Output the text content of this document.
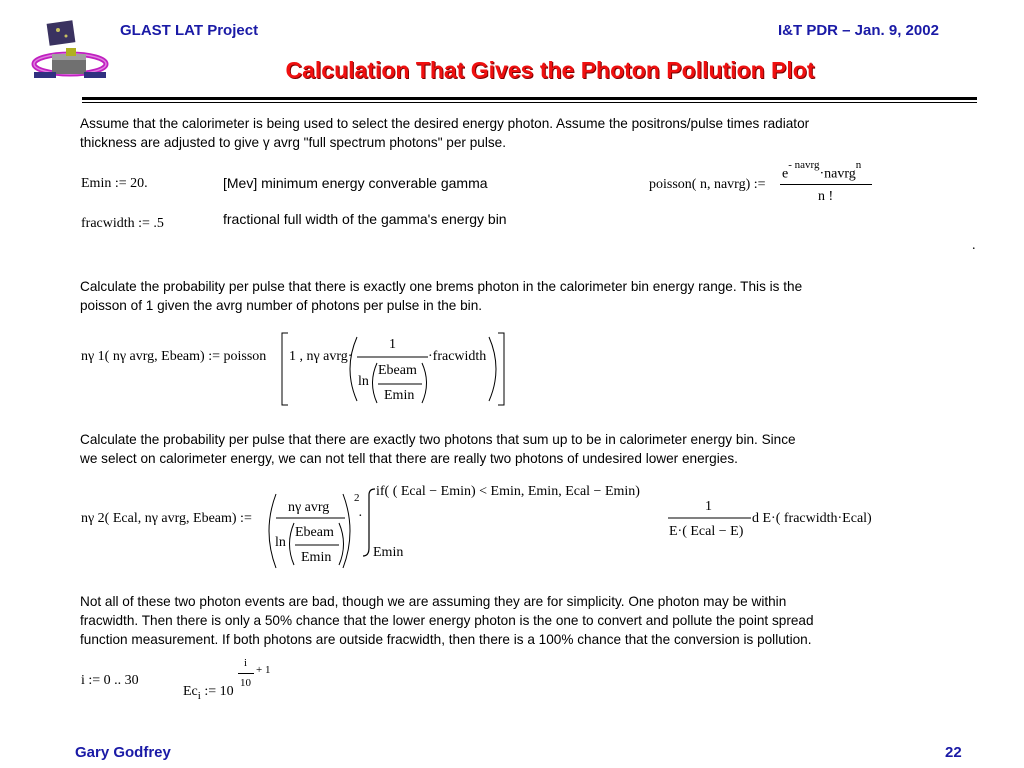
GLAST LAT Project	I&T PDR – Jan. 9, 2002
Calculation That Gives the Photon Pollution Plot

Assume that the calorimeter is being used to select the desired energy photon. Assume the positrons/pulse times radiator

thickness are adjusted to give γ avrg "full spectrum photons" per pulse.

Emin := 20.	[Mev] minimum energy converable gamma
fracwidth := .5	fractional full width of the gamma's energy bin
poisson( n, navrg) :=
$e^{- navrg}\cdot navrg^n$
n !
.

Calculate the probability per pulse that there is exactly one brems photon in the calorimeter bin energy range. This is the

poisson of 1 given the avrg number of photons per pulse in the bin.

nγ 1( nγ avrg, Ebeam) := poisson 1 , nγ avrg·
1
ln
Ebeam
Emin
·fracwidth

Calculate the probability per pulse that there are exactly two photons that sum up to be in calorimeter energy bin. Since

we select on calorimeter energy, we can not tell that there are really two photons of undesired lower energies.

nγ 2( Ecal, nγ avrg, Ebeam) :=
nγ avrg
ln
Ebeam
Emin
2
·
if( ( Ecal − Emin) < Emin, Emin, Ecal − Emin)
Emin
1
E·( Ecal − E)
d E·( fracwidth·Ecal)

Not all of these two photon events are bad, though we are assuming they are for simplicity. One photon may be within

fracwidth. Then there is only a 50% chance that the lower energy photon is the one to convert and pollute the point spread

function measurement. If both photons are outside fracwidth, then there is a 100% chance that the conversion is pollution.

i := 0 .. 30
$Ec_i$ := 10
i
10
+ 1
Gary Godfrey	22
